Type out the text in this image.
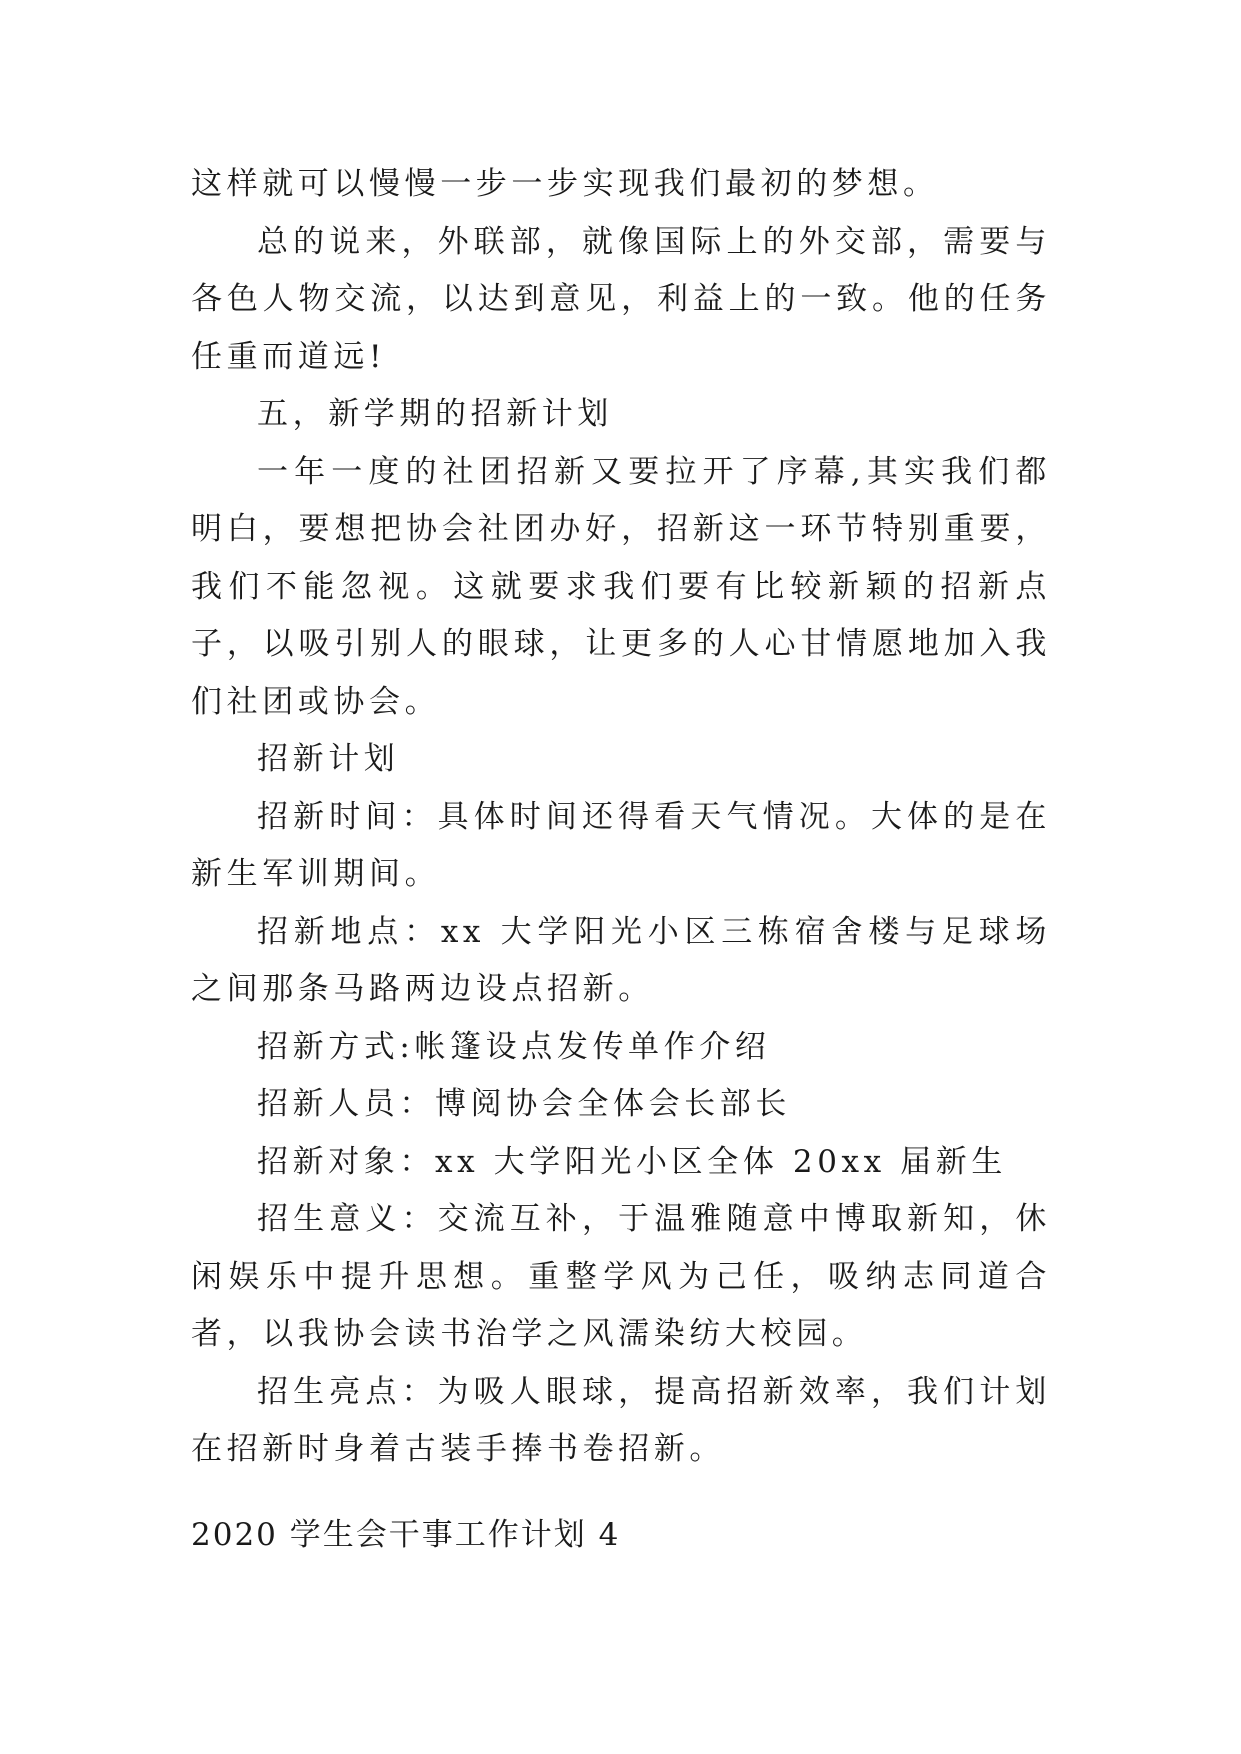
这样就可以慢慢一步一步实现我们最初的梦想。

总的说来，外联部，就像国际上的外交部，需要与各色人物交流，以达到意见，利益上的一致。他的任务任重而道远!

五，新学期的招新计划

一年一度的社团招新又要拉开了序幕,其实我们都明白，要想把协会社团办好，招新这一环节特别重要，我们不能忽视。这就要求我们要有比较新颖的招新点子，以吸引别人的眼球，让更多的人心甘情愿地加入我们社团或协会。

招新计划

招新时间：具体时间还得看天气情况。大体的是在新生军训期间。

招新地点：xx 大学阳光小区三栋宿舍楼与足球场之间那条马路两边设点招新。

招新方式:帐篷设点发传单作介绍

招新人员：博阅协会全体会长部长

招新对象：xx 大学阳光小区全体 20xx 届新生

招生意义：交流互补，于温雅随意中博取新知，休闲娱乐中提升思想。重整学风为己任，吸纳志同道合者，以我协会读书治学之风濡染纺大校园。

招生亮点：为吸人眼球，提高招新效率，我们计划在招新时身着古装手捧书卷招新。

2020 学生会干事工作计划 4
